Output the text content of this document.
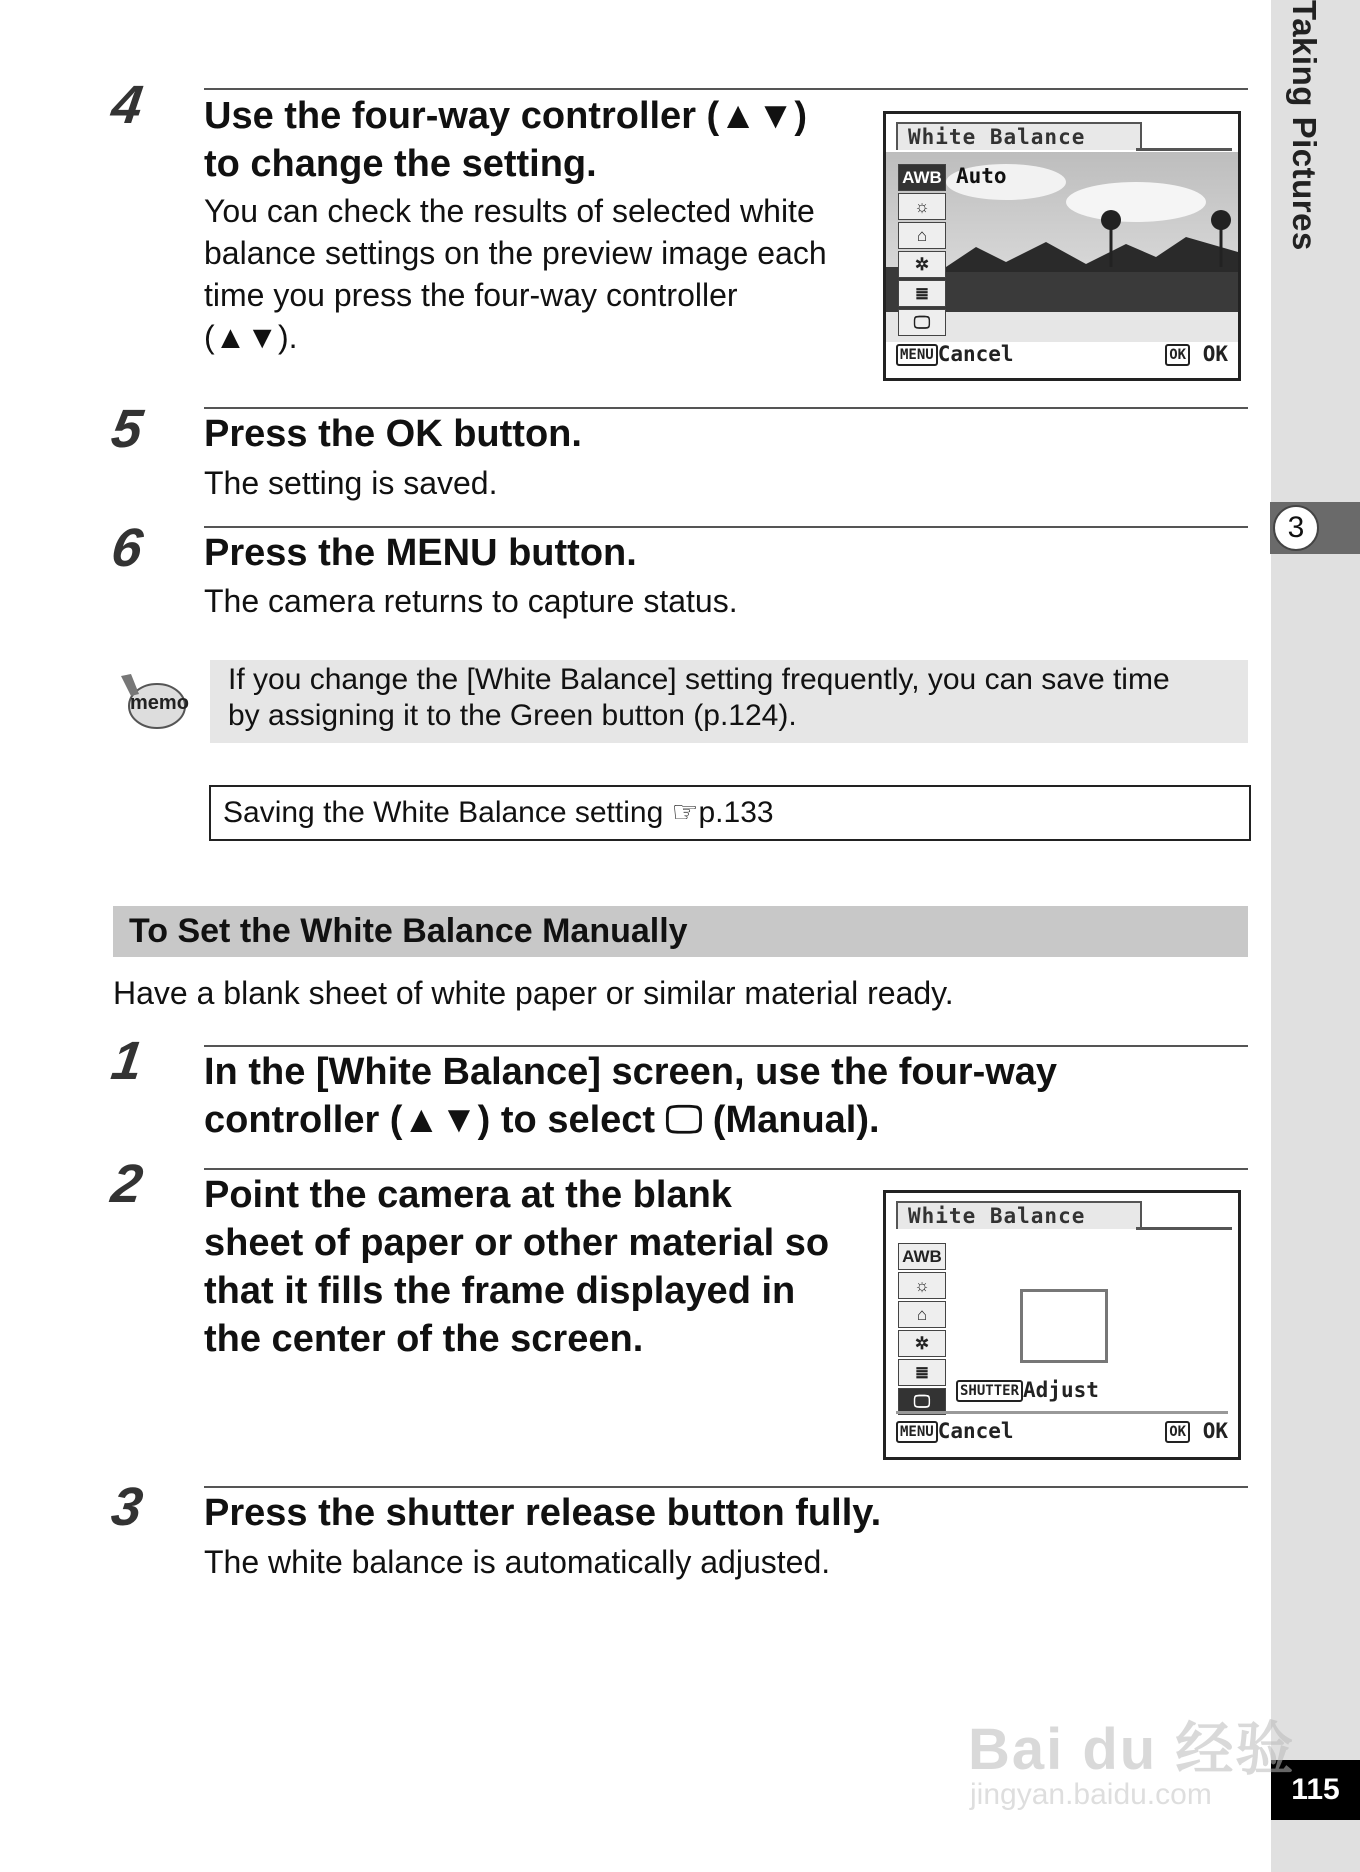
3
115
Taking Pictures
4 Use the four-way controller (▲▼)
to change the setting.
You can check the results of selected white
balance settings on the preview image each
time you press the four-way controller
(▲▼).
White Balance
AWB
☼
⌂
✲
≣
🖵
Auto
MENU Cancel	OK OK
5 Press the OK button.
The setting is saved.
6 Press the MENU button.
The camera returns to capture status.
memo
If you change the [White Balance] setting frequently, you can save time
by assigning it to the Green button (p.124).
Saving the White Balance setting ☞p.133
To Set the White Balance Manually
Have a blank sheet of white paper or similar material ready.
1 In the [White Balance] screen, use the four-way
controller (▲▼) to select 🖵 (Manual).
2 Point the camera at the blank
sheet of paper or other material so
that it fills the frame displayed in
the center of the screen.
White Balance
AWB
☼
⌂
✲
≣
🖵
SHUTTER Adjust
MENU Cancel	OK OK
3 Press the shutter release button fully.
The white balance is automatically adjusted.
Bai du 经验
jingyan.baidu.com
